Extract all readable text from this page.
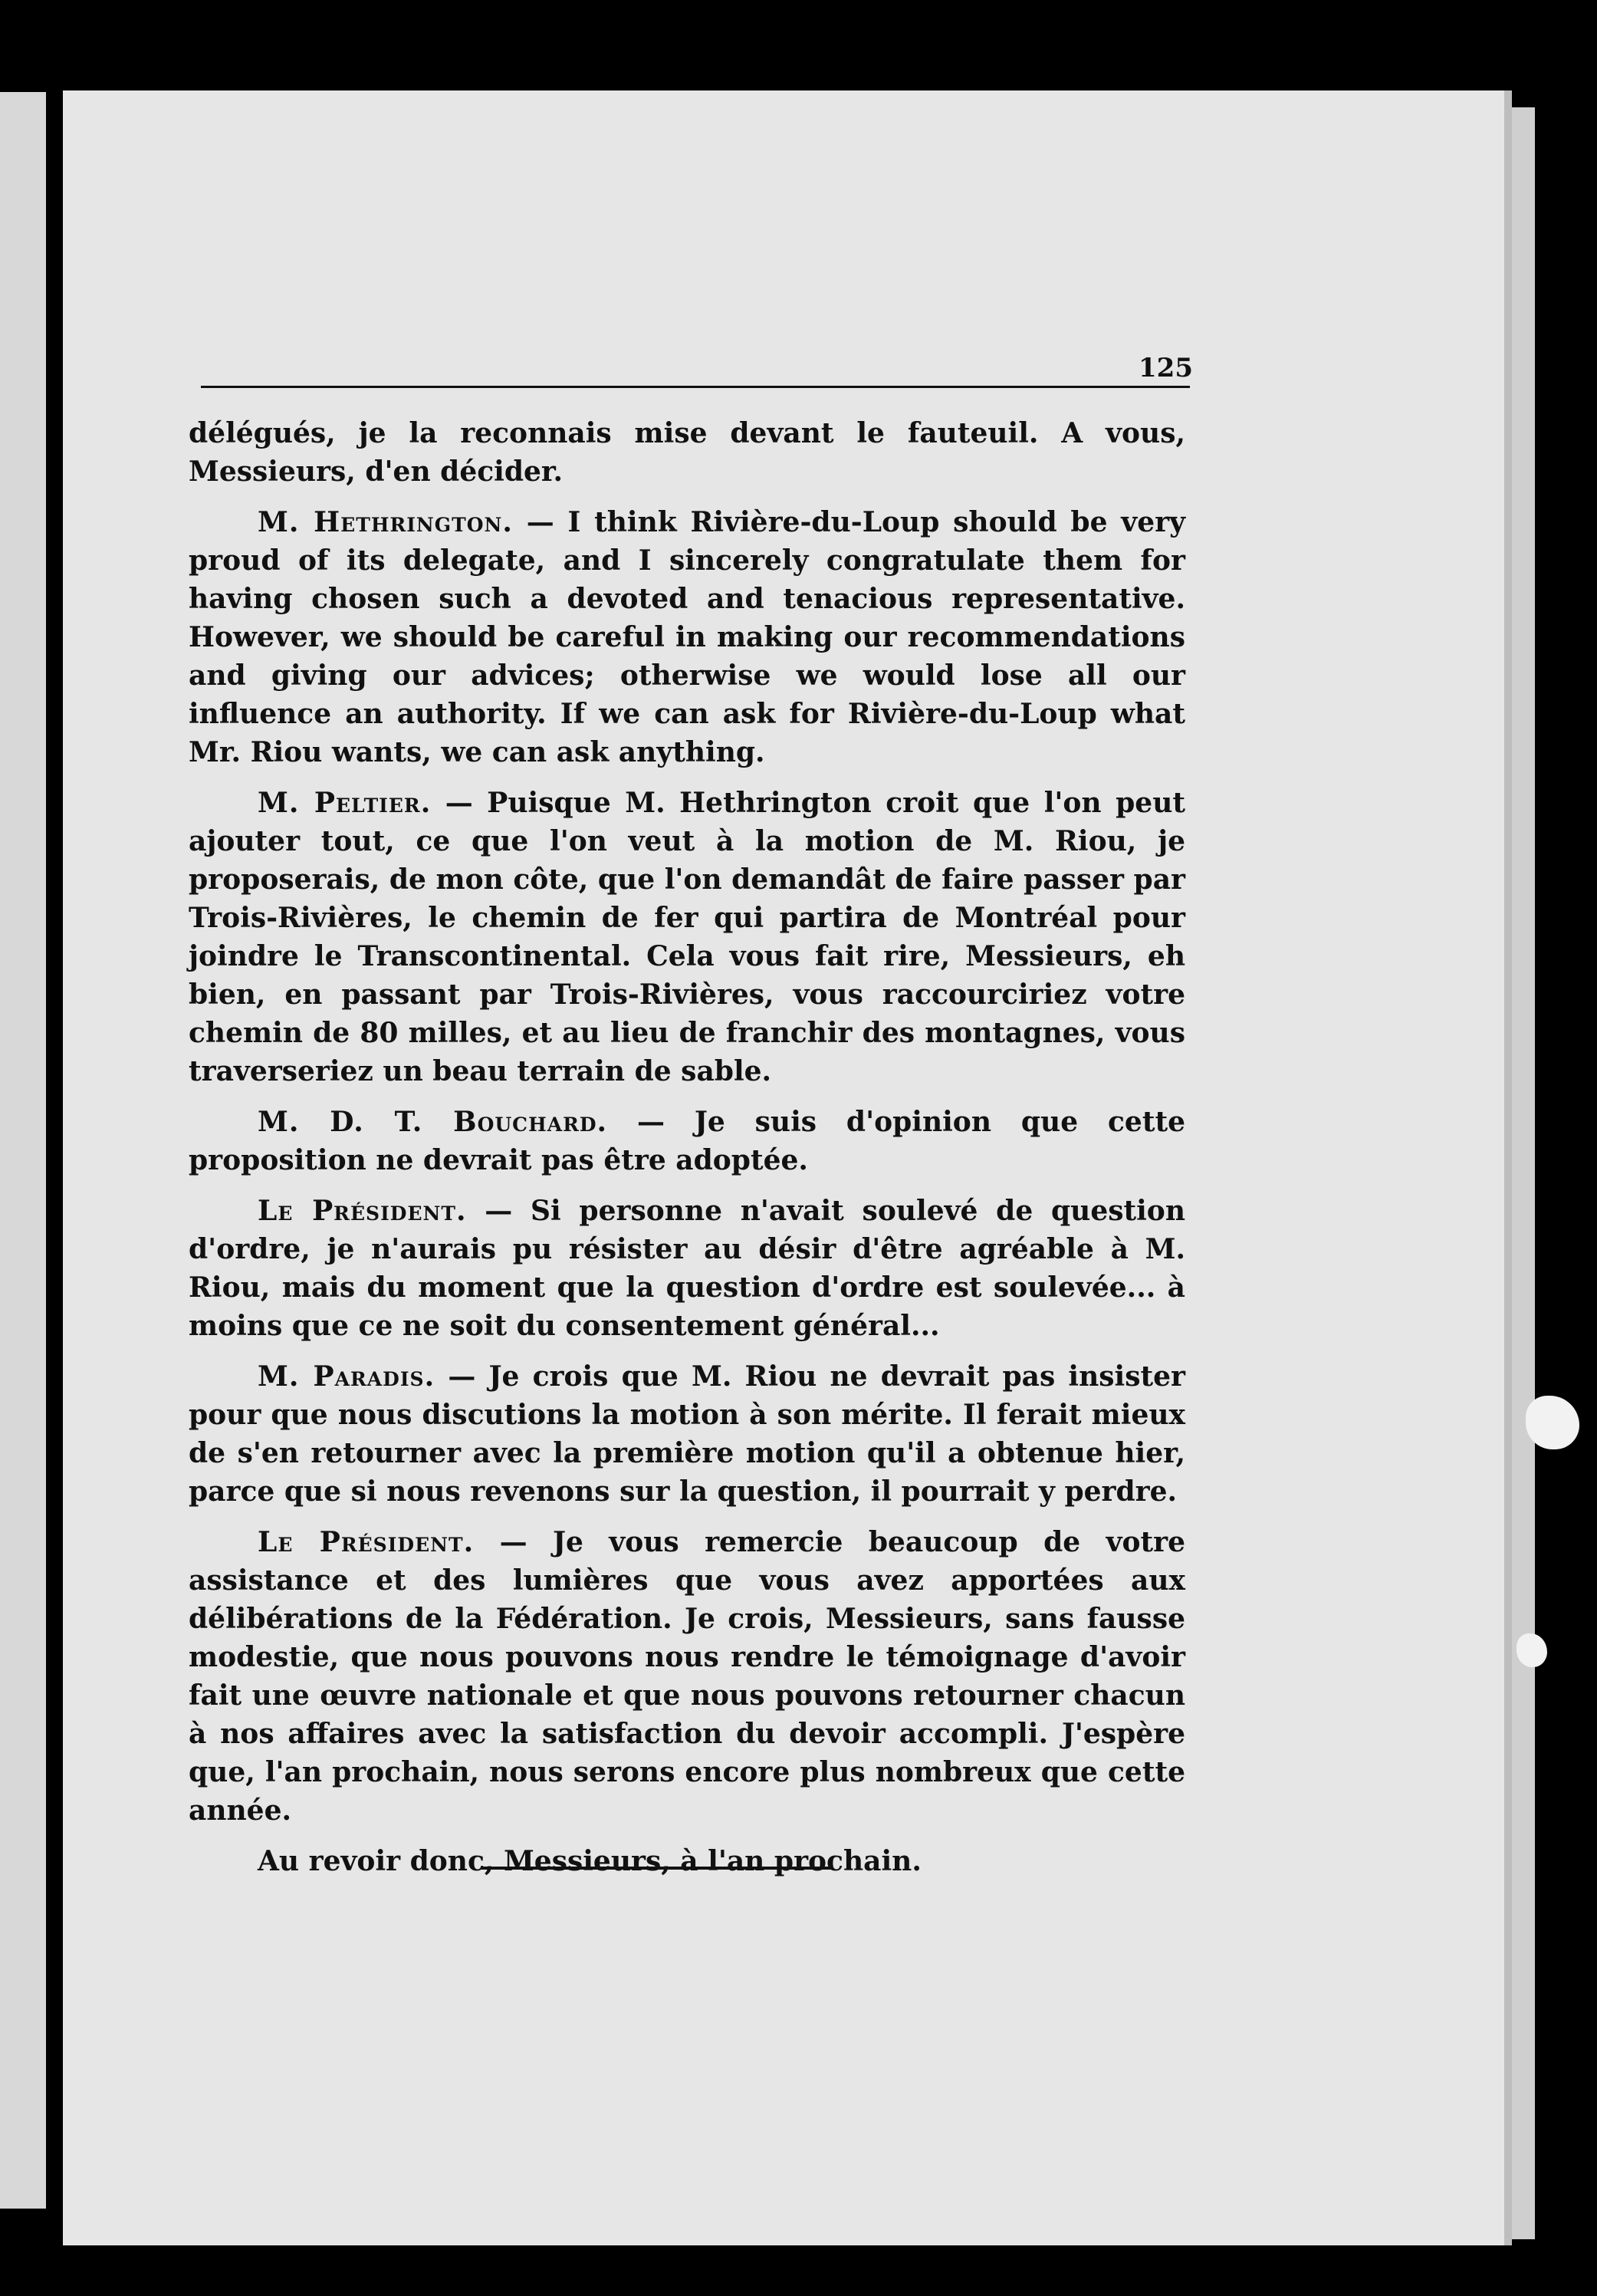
125

délégués, je la reconnais mise devant le fauteuil. A vous, Messieurs, d'en décider.

M. Hethrington. — I think Rivière-du-Loup should be very proud of its delegate, and I sincerely congratulate them for having chosen such a devoted and tenacious representative. However, we should be careful in making our recommendations and giving our advices; otherwise we would lose all our influence an authority. If we can ask for Rivière-du-Loup what Mr. Riou wants, we can ask anything.

M. Peltier. — Puisque M. Hethrington croit que l'on peut ajouter tout, ce que l'on veut à la motion de M. Riou, je proposerais, de mon côte, que l'on demandât de faire passer par Trois-Rivières, le chemin de fer qui partira de Montréal pour joindre le Transcontinental. Cela vous fait rire, Messieurs, eh bien, en passant par Trois-Rivières, vous raccourciriez votre chemin de 80 milles, et au lieu de franchir des montagnes, vous traverseriez un beau terrain de sable.

M. D. T. Bouchard. — Je suis d'opinion que cette proposition ne devrait pas être adoptée.

Le Président. — Si personne n'avait soulevé de question d'ordre, je n'aurais pu résister au désir d'être agréable à M. Riou, mais du moment que la question d'ordre est soulevée... à moins que ce ne soit du consentement général...

M. Paradis. — Je crois que M. Riou ne devrait pas insister pour que nous discutions la motion à son mérite. Il ferait mieux de s'en retourner avec la première motion qu'il a obtenue hier, parce que si nous revenons sur la question, il pourrait y perdre.

Le Président. — Je vous remercie beaucoup de votre assistance et des lumières que vous avez apportées aux délibérations de la Fédération. Je crois, Messieurs, sans fausse modestie, que nous pouvons nous rendre le témoignage d'avoir fait une œuvre nationale et que nous pouvons retourner chacun à nos affaires avec la satisfaction du devoir accompli. J'espère que, l'an prochain, nous serons encore plus nombreux que cette année.

Au revoir donc, Messieurs, à l'an prochain.
